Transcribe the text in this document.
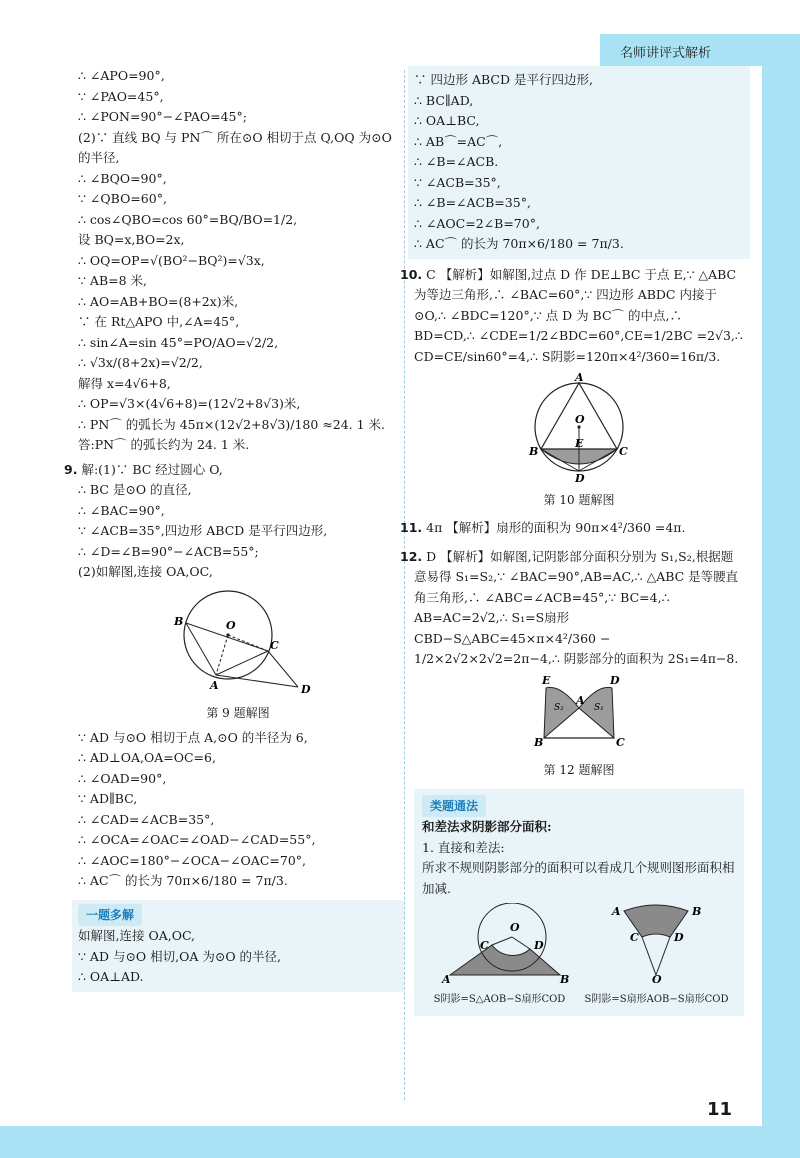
名师讲评式解析
11
∴ ∠APO=90°,
∵ ∠PAO=45°,
∴ ∠PON=90°−∠PAO=45°;
(2)∵ 直线 BQ 与 PN⌒ 所在⊙O 相切于点 Q,OQ 为⊙O 的半径,
∴ ∠BQO=90°,
∵ ∠QBO=60°,
∴ cos∠QBO=cos 60°=BQ/BO=1/2,
设 BQ=x,BO=2x,
∴ OQ=OP=√(BO²−BQ²)=√3x,
∵ AB=8 米,
∴ AO=AB+BO=(8+2x)米,
∵ 在 Rt△APO 中,∠A=45°,
∴ sin∠A=sin 45°=PO/AO=√2/2,
∴ √3x/(8+2x)=√2/2,
解得 x=4√6+8,
∴ OP=√3×(4√6+8)=(12√2+8√3)米,
∴ PN⌒ 的弧长为 45π×(12√2+8√3)/180 ≈24. 1 米.
答:PN⌒ 的弧长约为 24. 1 米.
9. 解:(1)∵ BC 经过圆心 O,
∴ BC 是⊙O 的直径,
∴ ∠BAC=90°,
∵ ∠ACB=35°,四边形 ABCD 是平行四边形,
∴ ∠D=∠B=90°−∠ACB=55°;
(2)如解图,连接 OA,OC,
B	O
C
A	D
第 9 题解图
∵ AD 与⊙O 相切于点 A,⊙O 的半径为 6,
∴ AD⊥OA,OA=OC=6,
∴ ∠OAD=90°,
∵ AD∥BC,
∴ ∠CAD=∠ACB=35°,
∴ ∠OCA=∠OAC=∠OAD−∠CAD=55°,
∴ ∠AOC=180°−∠OCA−∠OAC=70°,
∴ AC⌒ 的长为 70π×6/180 = 7π/3.
一题多解
如解图,连接 OA,OC,
∵ AD 与⊙O 相切,OA 为⊙O 的半径,
∴ OA⊥AD.
∵ 四边形 ABCD 是平行四边形,
∴ BC∥AD,
∴ OA⊥BC,
∴ AB⌒=AC⌒,
∴ ∠B=∠ACB.
∵ ∠ACB=35°,
∴ ∠B=∠ACB=35°,
∴ ∠AOC=2∠B=70°,
∴ AC⌒ 的长为 70π×6/180 = 7π/3.
10. C 【解析】如解图,过点 D 作 DE⊥BC 于点 E,∵ △ABC 为等边三角形,∴ ∠BAC=60°,∵ 四边形 ABDC 内接于⊙O,∴ ∠BDC=120°,∵ 点 D 为 BC⌒ 的中点,∴ BD=CD,∴ ∠CDE=1/2∠BDC=60°,CE=1/2BC =2√3,∴ CD=CE/sin60°=4,∴ S阴影=120π×4²/360=16π/3.
A
O
E
B	C
D
第 10 题解图
11. 4π 【解析】扇形的面积为 90π×4²/360 =4π.
12. D 【解析】如解图,记阴影部分面积分别为 S₁,S₂,根据题意易得 S₁=S₂,∵ ∠BAC=90°,AB=AC,∴ △ABC 是等腰直角三角形,∴ ∠ABC=∠ACB=45°,∵ BC=4,∴ AB=AC=2√2,∴ S₁=S扇形CBD−S△ABC=45×π×4²/360 − 1/2×2√2×2√2=2π−4,∴ 阴影部分的面积为 2S₁=4π−8.
E
A
D
S₂	S₁
B	C
第 12 题解图
类题通法
和差法求阴影部分面积:
1. 直接和差法:
所求不规则阴影部分的面积可以看成几个规则图形面积相加减.
O
C	D
A	B
S阴影=S△AOB−S扇形COD
A	B
C	D
O
S阴影=S扇形AOB−S扇形COD
